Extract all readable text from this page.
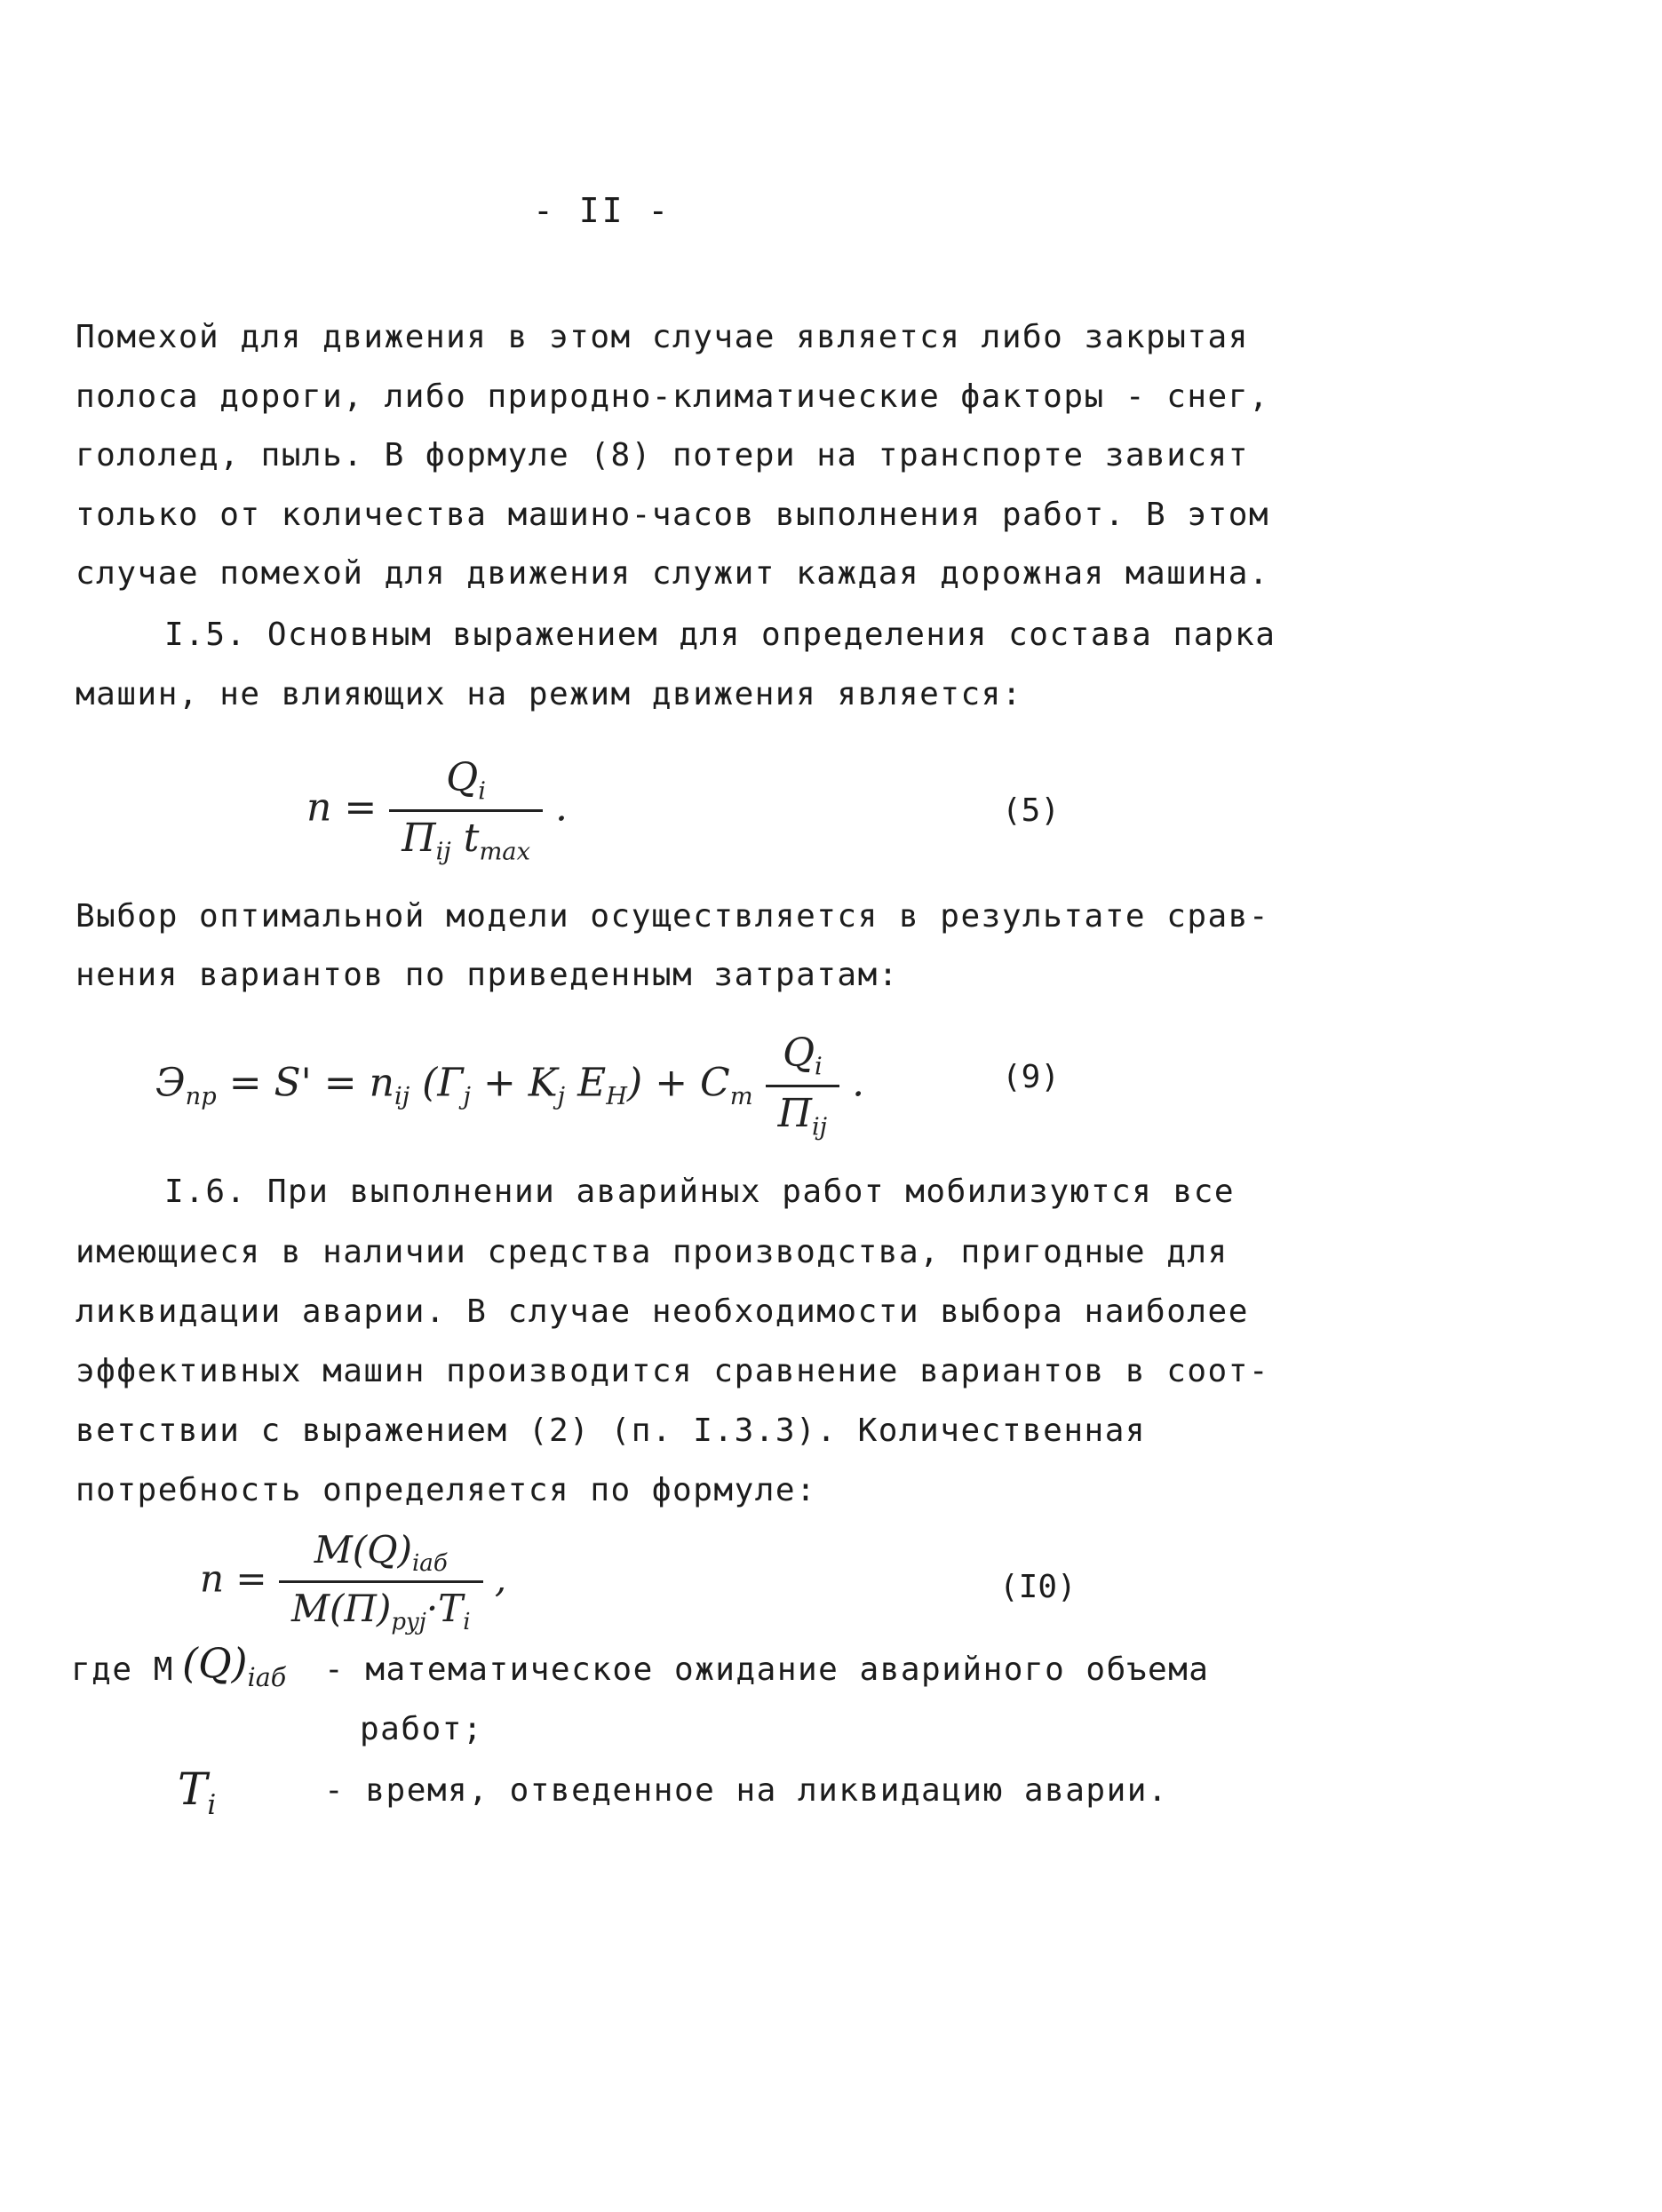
- II -
Помехой для движения в этом случае является либо закрытая
полоса дороги, либо природно-климатические факторы - снег,
гололед, пыль. В формуле (8) потери на транспорте зависят
только от количества машино-часов выполнения работ. В этом
случае помехой для движения служит каждая дорожная машина.
I.5. Основным выражением для определения состава парка
машин, не влияющих на режим движения является:
$n = \frac{Q_i}{П_{ij} t_{max}}$ .	(5)
Выбор оптимальной модели осуществляется в результате срав-
нения вариантов по приведенным затратам:
$Э_{пр} = S' = n_{ij}$ ($Г_j + K_j$ $E_H) + C_m \frac{Q_i}{П_{ij}}$ .	(9)
I.6. При выполнении аварийных работ мобилизуются все
имеющиеся в наличии средства производства, пригодные для
ликвидации аварии. В случае необходимости выбора наиболее
эффективных машин производится сравнение вариантов в соот-
ветствии с выражением (2) (п. I.3.3). Количественная
потребность определяется по формуле:
$n = \frac{M(Q)_{iаб}}{M(П)_{рyj}\cdot T_i}$ ,	(I0)
где М $(Q)_{iаб}$ - математическое ожидание аварийного объема
работ;
$T_i$	- время, отведенное на ликвидацию аварии.
